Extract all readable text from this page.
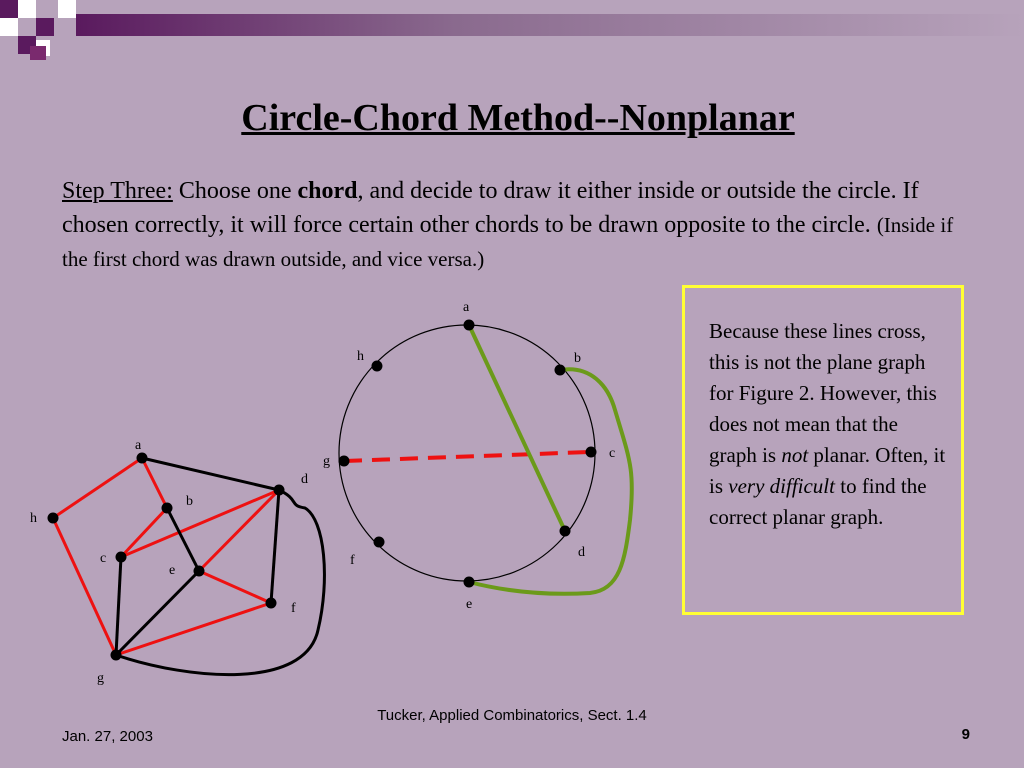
Circle-Chord Method--Nonplanar
Step Three: Choose one chord, and decide to draw it either inside or outside the circle. If chosen correctly, it will force certain other chords to be drawn opposite to the circle. (Inside if the first chord was drawn outside, and vice versa.)
a
b
c
d
e
f
g
h
a
b
c
d
e
f
g
h
Because these lines cross, this is not the plane graph for Figure 2. However, this does not mean that the graph is not planar. Often, it is very difficult to find the correct planar graph.
Jan. 27, 2003
Tucker, Applied Combinatorics, Sect. 1.4
9
